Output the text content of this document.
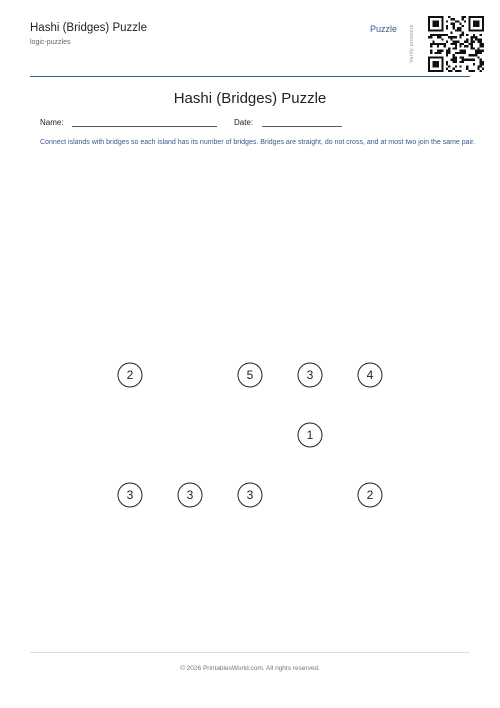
Hashi (Bridges) Puzzle
logic-puzzles
Puzzle Verify answers
Hashi (Bridges) Puzzle
Name:	Date:
Connect islands with bridges so each island has its number of bridges. Bridges are straight, do not cross, and at most two join the same pair.
2	5	3	4
1
3	3	3	2
© 2026 PrintablesWorld.com. All rights reserved.
